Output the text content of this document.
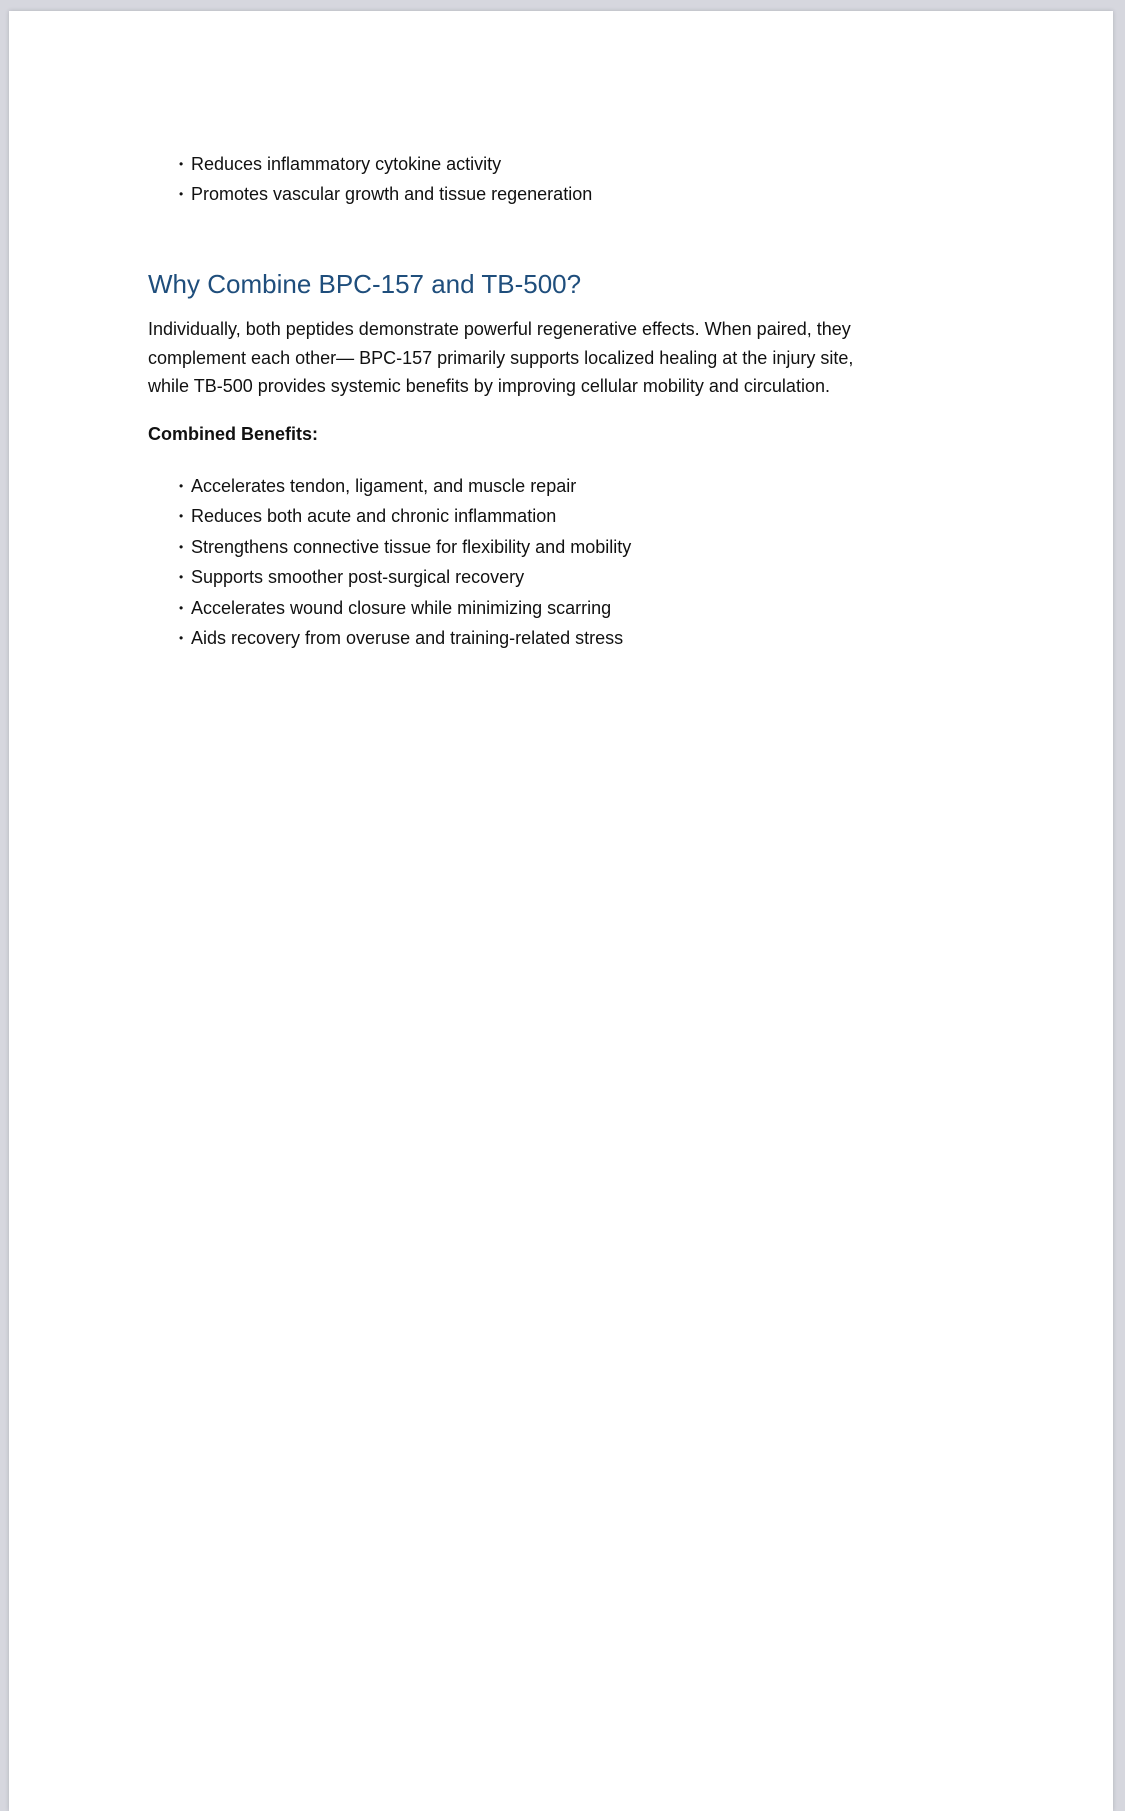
• Reduces inflammatory cytokine activity
• Promotes vascular growth and tissue regeneration
Why Combine BPC-157 and TB-500?
Individually, both peptides demonstrate powerful regenerative effects. When paired, they
complement each other— BPC-157 primarily supports localized healing at the injury site,
while TB-500 provides systemic benefits by improving cellular mobility and circulation.
Combined Benefits:
• Accelerates tendon, ligament, and muscle repair
• Reduces both acute and chronic inflammation
• Strengthens connective tissue for flexibility and mobility
• Supports smoother post-surgical recovery
• Accelerates wound closure while minimizing scarring
• Aids recovery from overuse and training-related stress
